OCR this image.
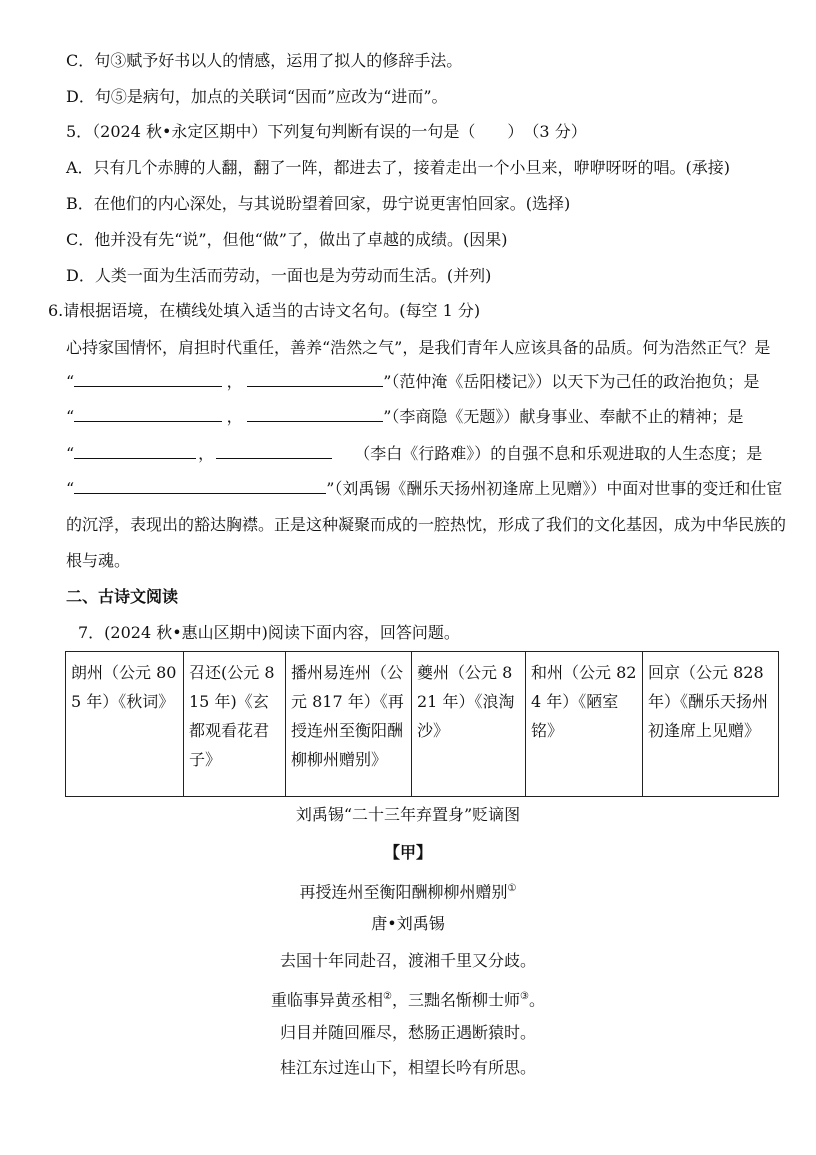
C．句③赋予好书以人的情感，运用了拟人的修辞手法。
D．句⑤是病句，加点的关联词“因而”应改为“进而”。
5．（2024 秋•永定区期中）下列复句判断有误的一句是（　　）　（3 分）
A．只有几个赤膊的人翻，翻了一阵，都进去了，接着走出一个小旦来，咿咿呀呀的唱。(承接)
B．在他们的内心深处，与其说盼望着回家，毋宁说更害怕回家。(选择)
C．他并没有先“说”，但他“做”了，做出了卓越的成绩。(因果)
D．人类一面为生活而劳动，一面也是为劳动而生活。(并列)
6.请根据语境，在横线处填入适当的古诗文名句。(每空 1 分)
心持家国情怀，肩担时代重任，善养“浩然之气”，是我们青年人应该具备的品质。何为浩然正气？是
“	，	”（范仲淹《岳阳楼记》）以天下为己任的政治抱负；是
“	，	”（李商隐《无题》）献身事业、奉献不止的精神；是
“	，	（李白《行路难》）的自强不息和乐观进取的人生态度；是
“	”（刘禹锡《酬乐天扬州初逢席上见赠》）中面对世事的变迁和仕宦
的沉浮，表现出的豁达胸襟。正是这种凝聚而成的一腔热忱，形成了我们的文化基因，成为中华民族的
根与魂。
二、古诗文阅读
7．(2024 秋•惠山区期中)阅读下面内容，回答问题。
朗州（公元 805 年）《秋词》	召还(公元 815 年)《玄都观看花君子》	播州易连州（公元 817 年）《再授连州至衡阳酬柳柳州赠别》	夔州（公元 821 年）《浪淘沙》	和州（公元 824 年）《陋室铭》	回京（公元 828 年）《酬乐天扬州初逢席上见赠》
刘禹锡“二十三年弃置身”贬谪图
【甲】
再授连州至衡阳酬柳柳州赠别①
唐•刘禹锡
去国十年同赴召，渡湘千里又分歧。
重临事异黄丞相②，三黜名惭柳士师③。
归目并随回雁尽，愁肠正遇断猿时。
桂江东过连山下，相望长吟有所思。
